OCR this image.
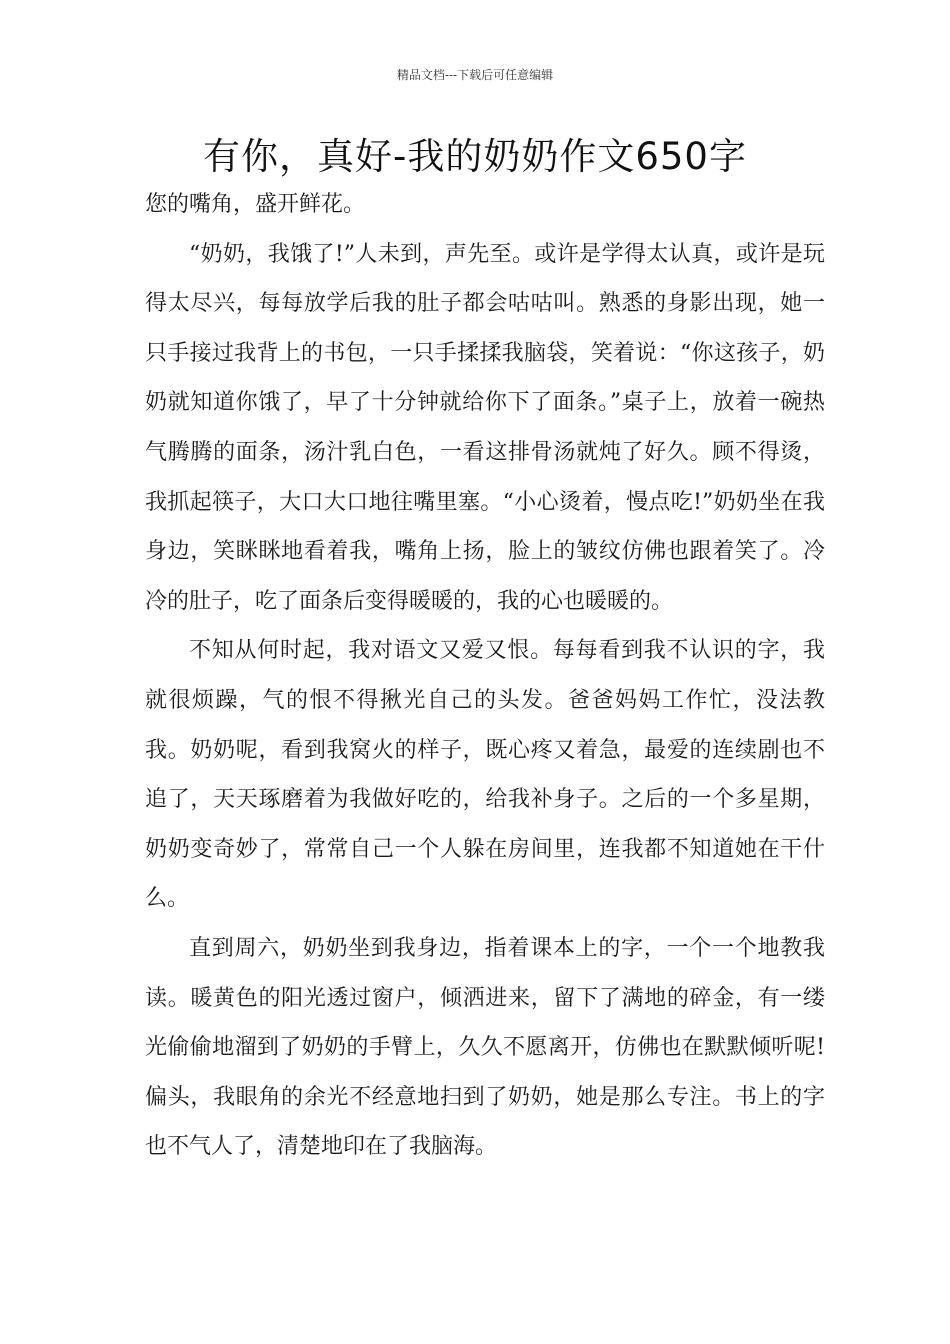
精品文档---下载后可任意编辑
有你，真好-我的奶奶作文650字

您的嘴角，盛开鲜花。

“奶奶，我饿了!”人未到，声先至。或许是学得太认真，或许是玩得太尽兴，每每放学后我的肚子都会咕咕叫。熟悉的身影出现，她一只手接过我背上的书包，一只手揉揉我脑袋，笑着说：“你这孩子，奶奶就知道你饿了，早了十分钟就给你下了面条。”桌子上，放着一碗热气腾腾的面条，汤汁乳白色，一看这排骨汤就炖了好久。顾不得烫，我抓起筷子，大口大口地往嘴里塞。“小心烫着，慢点吃!”奶奶坐在我身边，笑眯眯地看着我，嘴角上扬，脸上的皱纹仿佛也跟着笑了。冷冷的肚子，吃了面条后变得暖暖的，我的心也暖暖的。

不知从何时起，我对语文又爱又恨。每每看到我不认识的字，我就很烦躁，气的恨不得揪光自己的头发。爸爸妈妈工作忙，没法教我。奶奶呢，看到我窝火的样子，既心疼又着急，最爱的连续剧也不追了，天天琢磨着为我做好吃的，给我补身子。之后的一个多星期，奶奶变奇妙了，常常自己一个人躲在房间里，连我都不知道她在干什么。

直到周六，奶奶坐到我身边，指着课本上的字，一个一个地教我读。暖黄色的阳光透过窗户，倾洒进来，留下了满地的碎金，有一缕光偷偷地溜到了奶奶的手臂上，久久不愿离开，仿佛也在默默倾听呢!偏头，我眼角的余光不经意地扫到了奶奶，她是那么专注。书上的字也不气人了，清楚地印在了我脑海。
